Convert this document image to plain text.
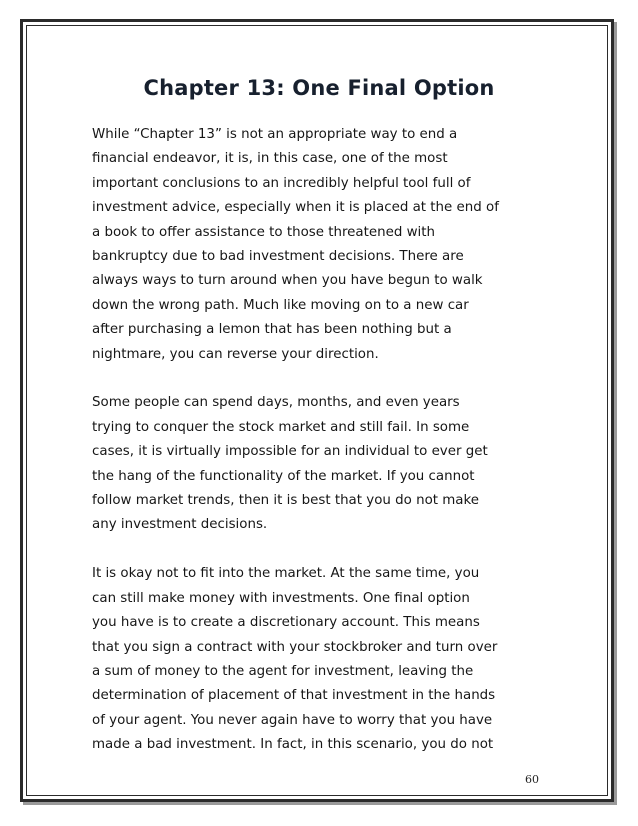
Chapter 13: One Final Option

While “Chapter 13” is not an appropriate way to end a
financial endeavor, it is, in this case, one of the most
important conclusions to an incredibly helpful tool full of
investment advice, especially when it is placed at the end of
a book to offer assistance to those threatened with
bankruptcy due to bad investment decisions. There are
always ways to turn around when you have begun to walk
down the wrong path. Much like moving on to a new car
after purchasing a lemon that has been nothing but a
nightmare, you can reverse your direction.

Some people can spend days, months, and even years
trying to conquer the stock market and still fail. In some
cases, it is virtually impossible for an individual to ever get
the hang of the functionality of the market. If you cannot
follow market trends, then it is best that you do not make
any investment decisions.

It is okay not to fit into the market. At the same time, you
can still make money with investments. One final option
you have is to create a discretionary account. This means
that you sign a contract with your stockbroker and turn over
a sum of money to the agent for investment, leaving the
determination of placement of that investment in the hands
of your agent. You never again have to worry that you have
made a bad investment. In fact, in this scenario, you do not

60
